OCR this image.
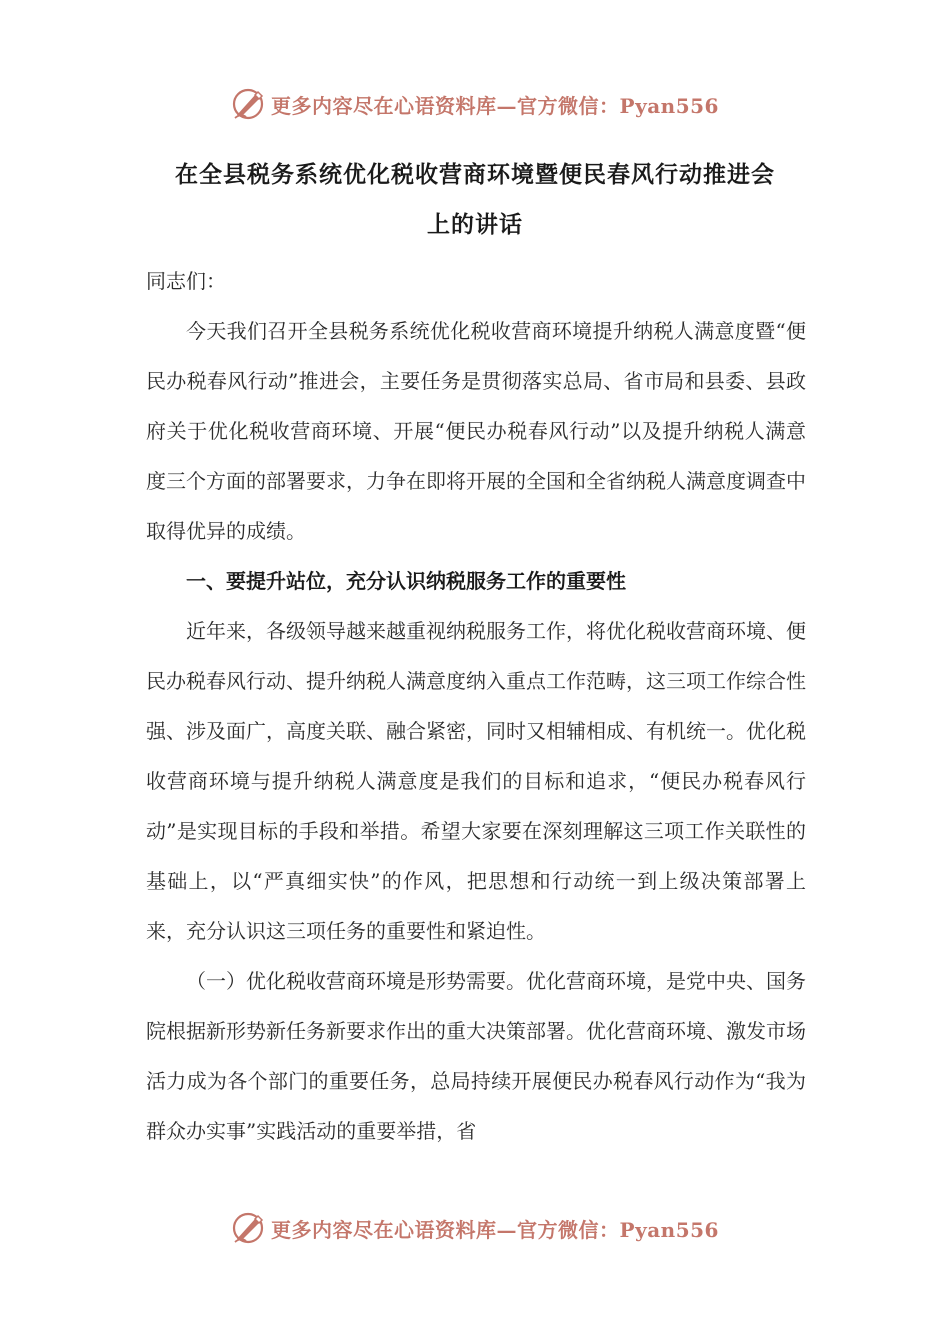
更多内容尽在心语资料库—官方微信：Pyan556
在全县税务系统优化税收营商环境暨便民春风行动推进会
上的讲话

同志们：

今天我们召开全县税务系统优化税收营商环境提升纳税人满意度暨“便民办税春风行动”推进会，主要任务是贯彻落实总局、省市局和县委、县政府关于优化税收营商环境、开展“便民办税春风行动”以及提升纳税人满意度三个方面的部署要求，力争在即将开展的全国和全省纳税人满意度调查中取得优异的成绩。

一、要提升站位，充分认识纳税服务工作的重要性

近年来，各级领导越来越重视纳税服务工作，将优化税收营商环境、便民办税春风行动、提升纳税人满意度纳入重点工作范畴，这三项工作综合性强、涉及面广，高度关联、融合紧密，同时又相辅相成、有机统一。优化税收营商环境与提升纳税人满意度是我们的目标和追求，“便民办税春风行动”是实现目标的手段和举措。希望大家要在深刻理解这三项工作关联性的基础上，以“严真细实快”的作风，把思想和行动统一到上级决策部署上来，充分认识这三项任务的重要性和紧迫性。

（一）优化税收营商环境是形势需要。优化营商环境，是党中央、国务院根据新形势新任务新要求作出的重大决策部署。优化营商环境、激发市场活力成为各个部门的重要任务，总局持续开展便民办税春风行动作为“我为群众办实事”实践活动的重要举措，省

更多内容尽在心语资料库—官方微信：Pyan556
